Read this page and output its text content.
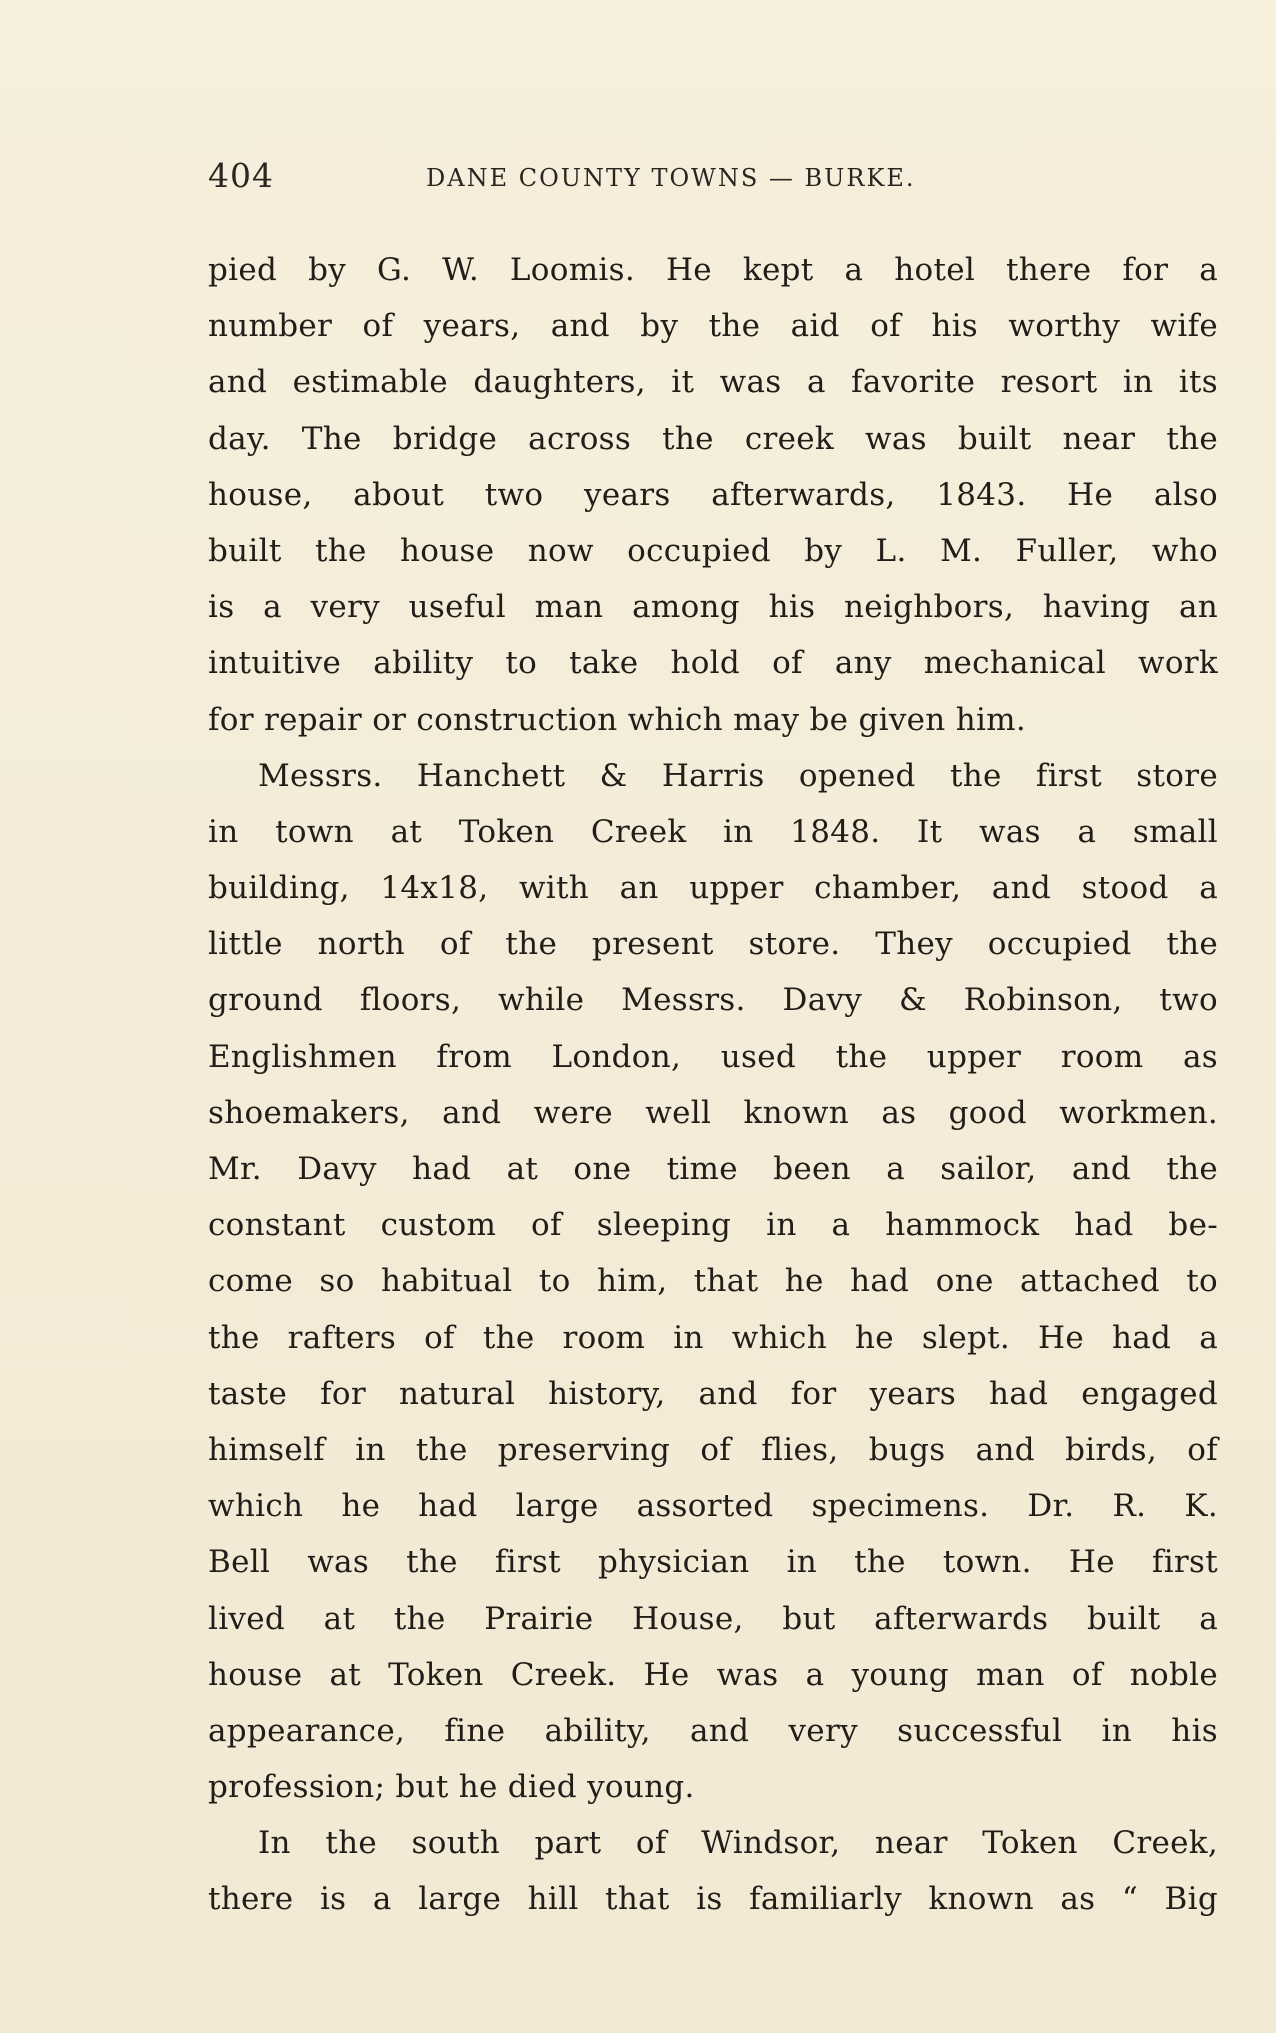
404	DANE COUNTY TOWNS — BURKE.
pied by G. W. Loomis. He kept a hotel there for a
number of years, and by the aid of his worthy wife
and estimable daughters, it was a favorite resort in its
day. The bridge across the creek was built near the
house, about two years afterwards, 1843. He also
built the house now occupied by L. M. Fuller, who
is a very useful man among his neighbors, having an
intuitive ability to take hold of any mechanical work
for repair or construction which may be given him.
Messrs. Hanchett & Harris opened the first store
in town at Token Creek in 1848. It was a small
building, 14x18, with an upper chamber, and stood a
little north of the present store. They occupied the
ground floors, while Messrs. Davy & Robinson, two
Englishmen from London, used the upper room as
shoemakers, and were well known as good workmen.
Mr. Davy had at one time been a sailor, and the
constant custom of sleeping in a hammock had be-
come so habitual to him, that he had one attached to
the rafters of the room in which he slept. He had a
taste for natural history, and for years had engaged
himself in the preserving of flies, bugs and birds, of
which he had large assorted specimens. Dr. R. K.
Bell was the first physician in the town. He first
lived at the Prairie House, but afterwards built a
house at Token Creek. He was a young man of noble
appearance, fine ability, and very successful in his
profession; but he died young.
In the south part of Windsor, near Token Creek,
there is a large hill that is familiarly known as “ Big
